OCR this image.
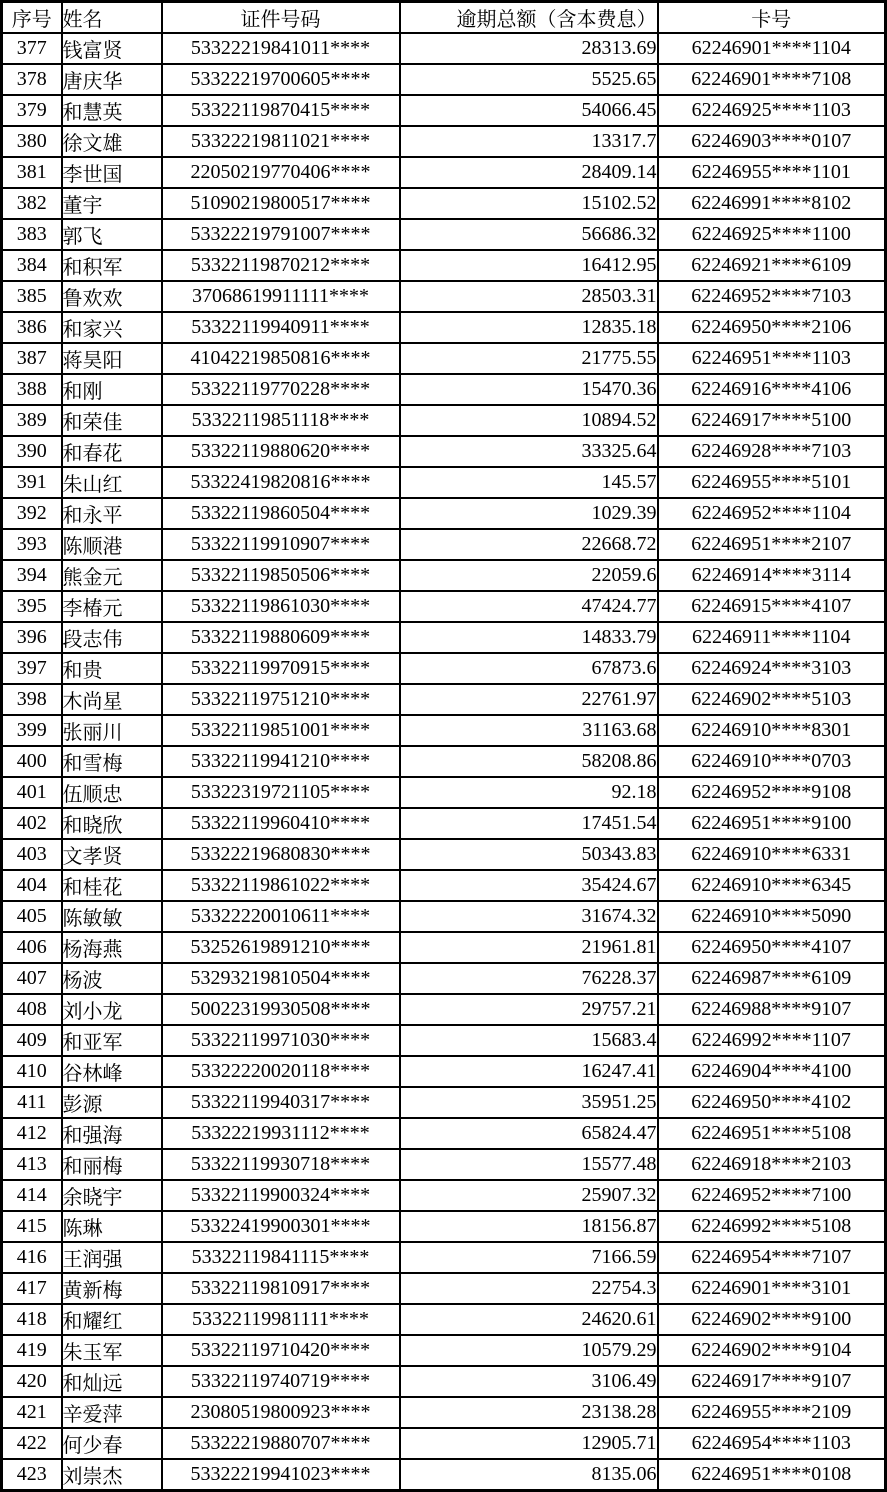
序号	姓名	证件号码	逾期总额（含本费息）	卡号
377	钱富贤	53322219841011****	28313.69	62246901****1104
378	唐庆华	53322219700605****	5525.65	62246901****7108
379	和慧英	53322119870415****	54066.45	62246925****1103
380	徐文雄	53322219811021****	13317.7	62246903****0107
381	李世国	22050219770406****	28409.14	62246955****1101
382	董宇	51090219800517****	15102.52	62246991****8102
383	郭飞	53322219791007****	56686.32	62246925****1100
384	和积军	53322119870212****	16412.95	62246921****6109
385	鲁欢欢	37068619911111****	28503.31	62246952****7103
386	和家兴	53322119940911****	12835.18	62246950****2106
387	蒋昊阳	41042219850816****	21775.55	62246951****1103
388	和刚	53322119770228****	15470.36	62246916****4106
389	和荣佳	53322119851118****	10894.52	62246917****5100
390	和春花	53322119880620****	33325.64	62246928****7103
391	朱山红	53322419820816****	145.57	62246955****5101
392	和永平	53322119860504****	1029.39	62246952****1104
393	陈顺港	53322119910907****	22668.72	62246951****2107
394	熊金元	53322119850506****	22059.6	62246914****3114
395	李椿元	53322119861030****	47424.77	62246915****4107
396	段志伟	53322119880609****	14833.79	62246911****1104
397	和贵	53322119970915****	67873.6	62246924****3103
398	木尚星	53322119751210****	22761.97	62246902****5103
399	张丽川	53322119851001****	31163.68	62246910****8301
400	和雪梅	53322119941210****	58208.86	62246910****0703
401	伍顺忠	53322319721105****	92.18	62246952****9108
402	和晓欣	53322119960410****	17451.54	62246951****9100
403	文孝贤	53322219680830****	50343.83	62246910****6331
404	和桂花	53322119861022****	35424.67	62246910****6345
405	陈敏敏	53322220010611****	31674.32	62246910****5090
406	杨海燕	53252619891210****	21961.81	62246950****4107
407	杨波	53293219810504****	76228.37	62246987****6109
408	刘小龙	50022319930508****	29757.21	62246988****9107
409	和亚军	53322119971030****	15683.4	62246992****1107
410	谷林峰	53322220020118****	16247.41	62246904****4100
411	彭源	53322119940317****	35951.25	62246950****4102
412	和强海	53322219931112****	65824.47	62246951****5108
413	和丽梅	53322119930718****	15577.48	62246918****2103
414	余晓宇	53322119900324****	25907.32	62246952****7100
415	陈琳	53322419900301****	18156.87	62246992****5108
416	王润强	53322119841115****	7166.59	62246954****7107
417	黄新梅	53322119810917****	22754.3	62246901****3101
418	和耀红	53322119981111****	24620.61	62246902****9100
419	朱玉军	53322119710420****	10579.29	62246902****9104
420	和灿远	53322119740719****	3106.49	62246917****9107
421	辛爱萍	23080519800923****	23138.28	62246955****2109
422	何少春	53322219880707****	12905.71	62246954****1103
423	刘崇杰	53322219941023****	8135.06	62246951****0108
